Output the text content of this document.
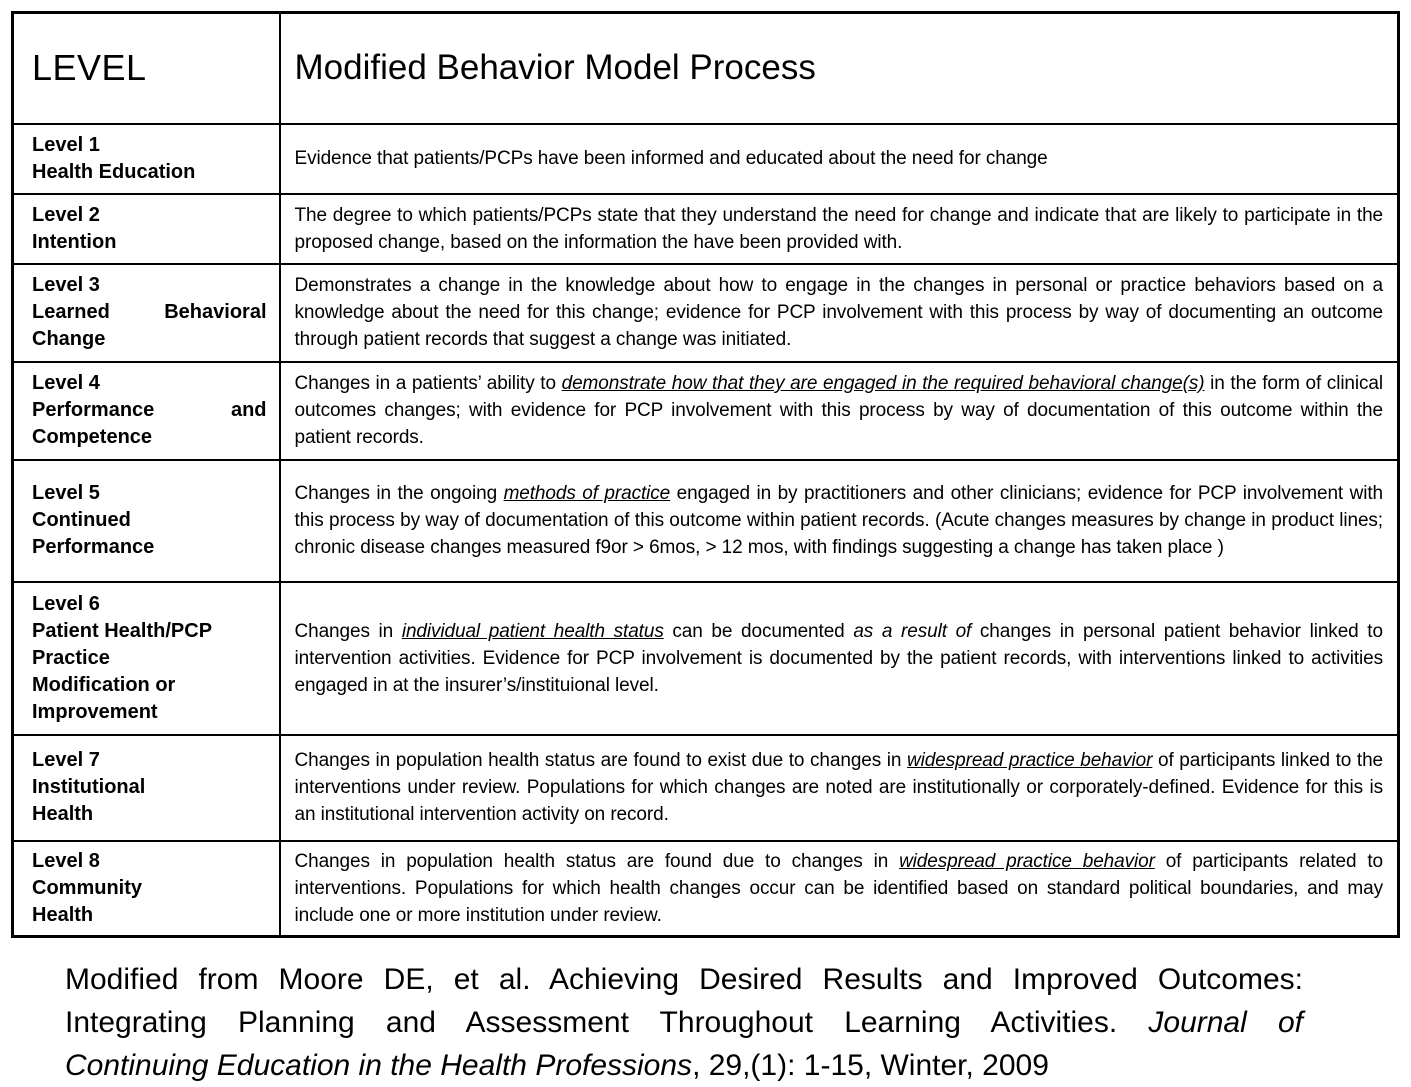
LEVEL	Modified Behavior Model Process

Level 1
Health Education	Evidence that patients/PCPs have been informed and educated about the need for change

Level 2
Intention	The degree to which patients/PCPs state that they understand the need for change and indicate that are likely to participate in the proposed change, based on the information the have been provided with.

Level 3
Learned Behavioral
Change
	Demonstrates a change in the knowledge about how to engage in the changes in personal or practice behaviors based on a knowledge about the need for this change; evidence for PCP involvement with this process by way of documenting an outcome through patient records that suggest a change was initiated.

Level 4
Performance and
Competence
	Changes in a patients’ ability to demonstrate how that they are engaged in the required behavioral change(s) in the form of clinical outcomes changes; with evidence for PCP involvement with this process by way of documentation of this outcome within the patient records.

Level 5
Continued
Performance
	Changes in the ongoing methods of practice engaged in by practitioners and other clinicians; evidence for PCP involvement with this process by way of documentation of this outcome within patient records. (Acute changes measures by change in product lines; chronic disease changes measured f9or > 6mos, > 12 mos, with findings suggesting a change has taken place )

Level 6
Patient Health/PCP
Practice
Modification or
Improvement
	Changes in individual patient health status can be documented as a result of changes in personal patient behavior linked to intervention activities. Evidence for PCP involvement is documented by the patient records, with interventions linked to activities engaged in at the insurer’s/instituional level.

Level 7
Institutional
Health
	Changes in population health status are found to exist due to changes in widespread practice behavior of participants linked to the interventions under review. Populations for which changes are noted are institutionally or corporately-defined. Evidence for this is an institutional intervention activity on record.

Level 8
Community
Health
	Changes in population health status are found due to changes in widespread practice behavior of participants related to interventions. Populations for which health changes occur can be identified based on standard political boundaries, and may include one or more institution under review.
Modified from Moore DE, et al. Achieving Desired Results and Improved Outcomes:
Integrating Planning and Assessment Throughout Learning Activities. Journal of
Continuing Education in the Health Professions, 29,(1): 1-15, Winter, 2009
